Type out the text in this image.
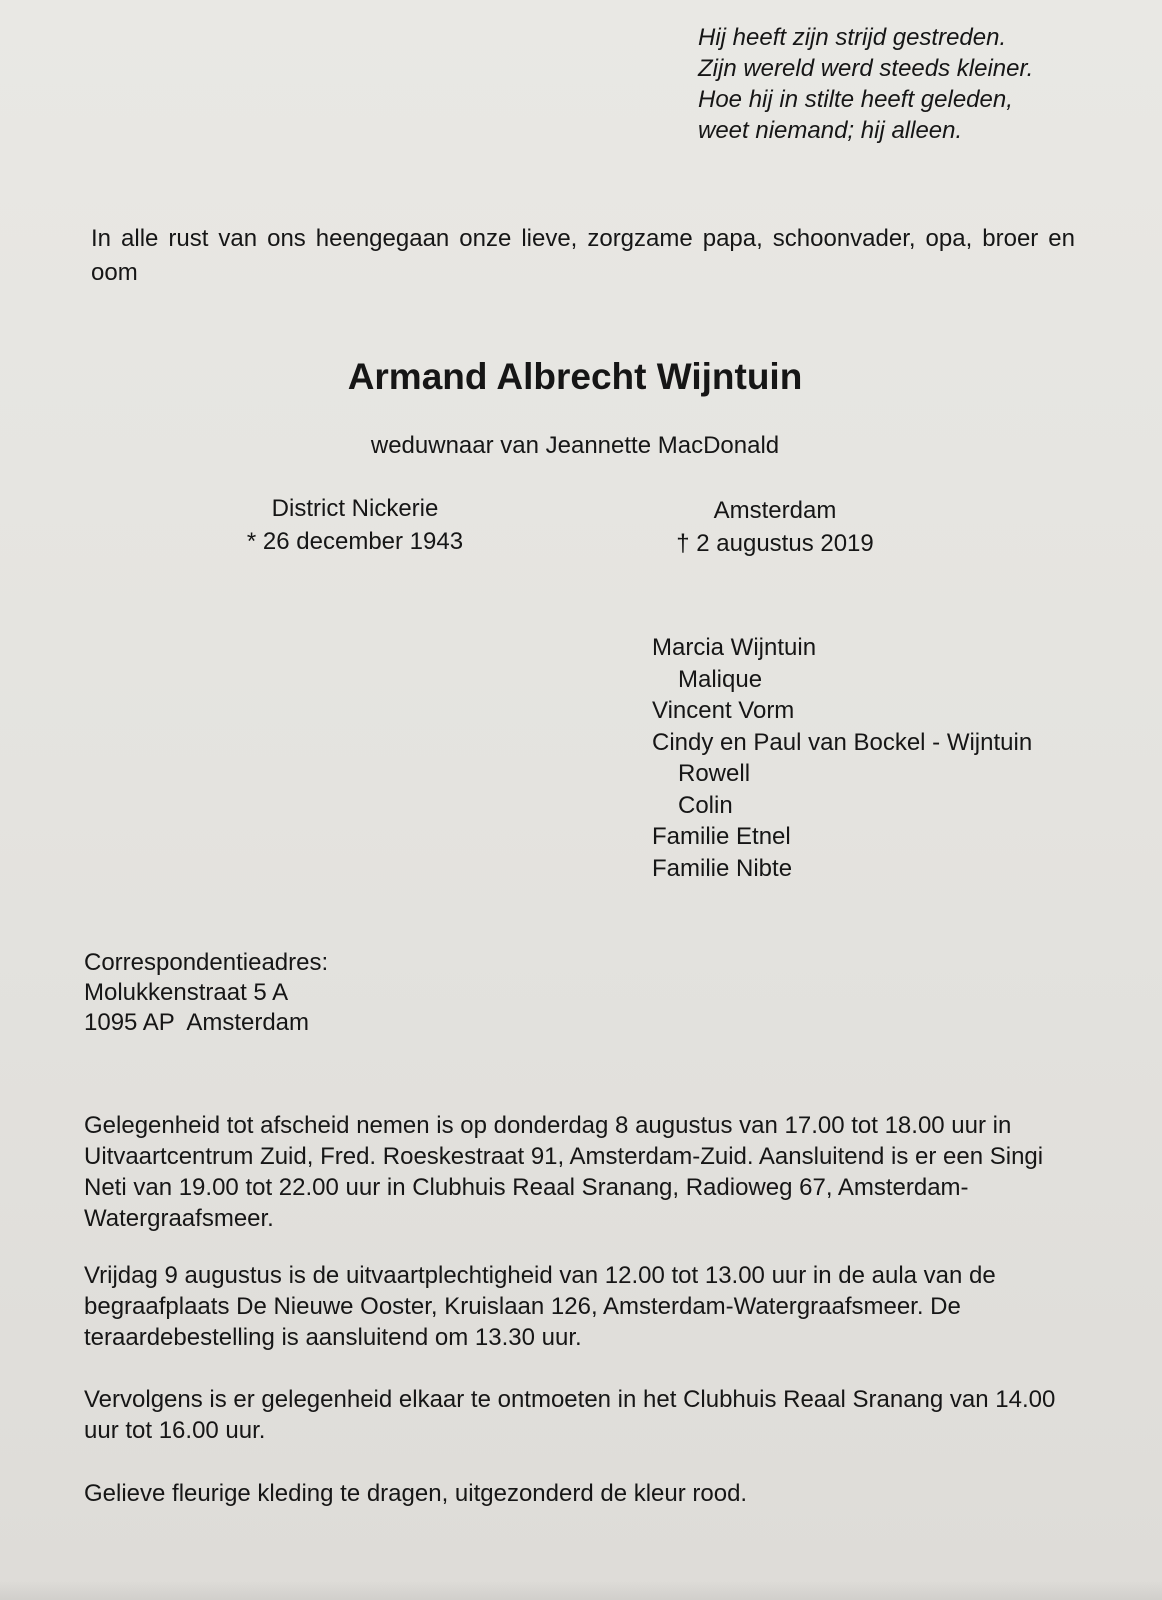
Hij heeft zijn strijd gestreden.
Zijn wereld werd steeds kleiner.
Hoe hij in stilte heeft geleden,
weet niemand; hij alleen.
In alle rust van ons heengegaan onze lieve, zorgzame papa, schoonvader, opa, broer en oom
Armand Albrecht Wijntuin
weduwnaar van Jeannette MacDonald
District Nickerie
* 26 december 1943
Amsterdam
† 2 augustus 2019
Marcia Wijntuin
Malique
Vincent Vorm
Cindy en Paul van Bockel - Wijntuin
Rowell
Colin
Familie Etnel
Familie Nibte
Correspondentieadres:
Molukkenstraat 5 A
1095 AP  Amsterdam
Gelegenheid tot afscheid nemen is op donderdag 8 augustus van 17.00 tot 18.00 uur in Uitvaartcentrum Zuid, Fred. Roeskestraat 91, Amsterdam-Zuid. Aansluitend is er een Singi Neti van 19.00 tot 22.00 uur in Clubhuis Reaal Sranang, Radioweg 67, Amsterdam-Watergraafsmeer.
Vrijdag 9 augustus is de uitvaartplechtigheid van 12.00 tot 13.00 uur in de aula van de begraafplaats De Nieuwe Ooster, Kruislaan 126, Amsterdam-Watergraafsmeer. De teraardebestelling is aansluitend om 13.30 uur.
Vervolgens is er gelegenheid elkaar te ontmoeten in het Clubhuis Reaal Sranang van 14.00 uur tot 16.00 uur.
Gelieve fleurige kleding te dragen, uitgezonderd de kleur rood.
